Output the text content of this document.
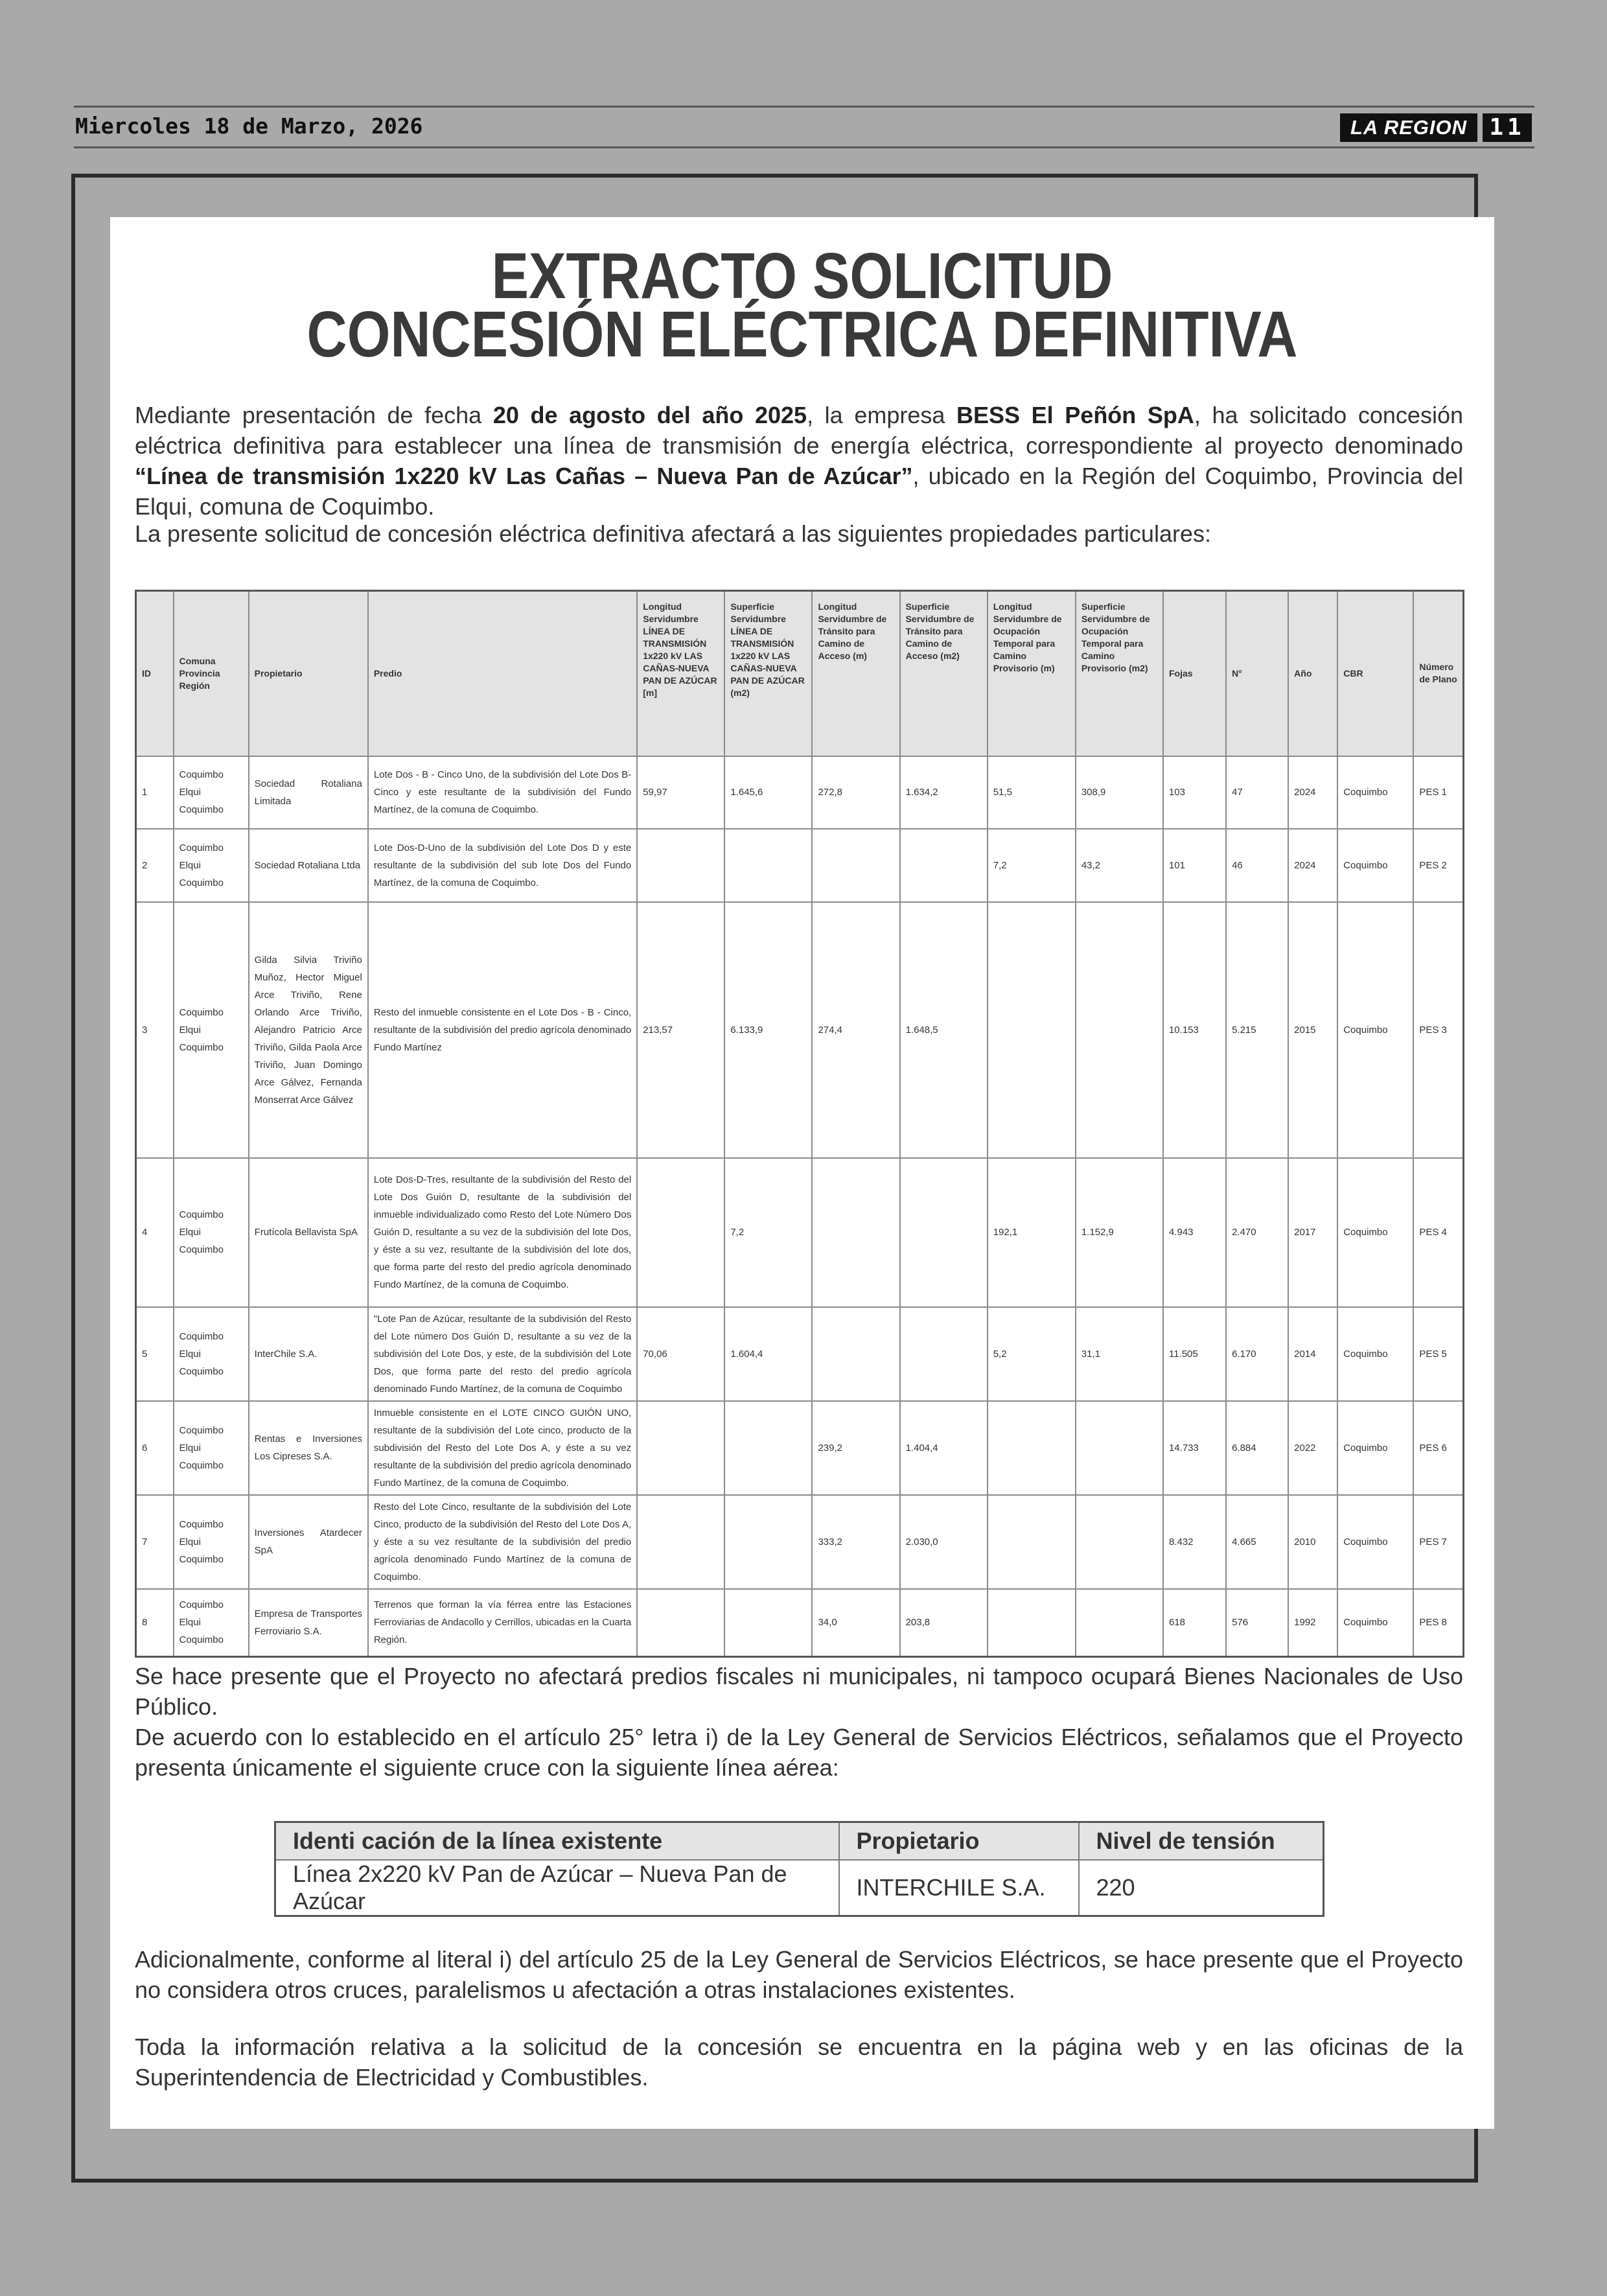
Miercoles 18 de Marzo, 2026	LA REGION 11
EXTRACTO SOLICITUD
CONCESIÓN ELÉCTRICA DEFINITIVA

Mediante presentación de fecha 20 de agosto del año 2025, la empresa BESS El Peñón SpA, ha solicitado concesión eléctrica definitiva para establecer una línea de transmisión de energía eléctrica, correspondiente al proyecto denominado “Línea de transmisión 1x220 kV Las Cañas – Nueva Pan de Azúcar”, ubicado en la Región del Coquimbo, Provincia del Elqui, comuna de Coquimbo.

La presente solicitud de concesión eléctrica definitiva afectará a las siguientes propiedades particulares:

ID	Comuna Provincia Región	Propietario	Predio	Longitud Servidumbre LÍNEA DE TRANSMISIÓN 1x220 kV LAS CAÑAS-NUEVA PAN DE AZÚCAR [m]	Superficie Servidumbre LÍNEA DE TRANSMISIÓN 1x220 kV LAS CAÑAS-NUEVA PAN DE AZÚCAR (m2)	Longitud Servidumbre de Tránsito para Camino de Acceso (m)	Superficie Servidumbre de Tránsito para Camino de Acceso (m2)	Longitud Servidumbre de Ocupación Temporal para Camino Provisorio (m)	Superficie Servidumbre de Ocupación Temporal para Camino Provisorio (m2)	Fojas	N°	Año	CBR	Número de Plano
1	Coquimbo Elqui Coquimbo	Sociedad Rotaliana Limitada	Lote Dos - B - Cinco Uno, de la subdivisión del Lote Dos B-Cinco y este resultante de la subdivisión del Fundo Martínez, de la comuna de Coquimbo.	59,97	1.645,6	272,8	1.634,2	51,5	308,9	103	47	2024	Coquimbo	PES 1
2	Coquimbo Elqui Coquimbo	Sociedad Rotaliana Ltda	Lote Dos-D-Uno de la subdivisión del Lote Dos D y este resultante de la subdivisión del sub lote Dos del Fundo Martínez, de la comuna de Coquimbo.					7,2	43,2	101	46	2024	Coquimbo	PES 2
3	Coquimbo Elqui Coquimbo	Gilda Silvia Triviño Muñoz, Hector Miguel Arce Triviño, Rene Orlando Arce Triviño, Alejandro Patricio Arce Triviño, Gilda Paola Arce Triviño, Juan Domingo Arce Gálvez, Fernanda Monserrat Arce Gálvez	Resto del inmueble consistente en el Lote Dos - B - Cinco, resultante de la subdivisión del predio agrícola denominado Fundo Martínez	213,57	6.133,9	274,4	1.648,5			10.153	5.215	2015	Coquimbo	PES 3
4	Coquimbo Elqui Coquimbo	Frutícola Bellavista SpA	Lote Dos-D-Tres, resultante de la subdivisión del Resto del Lote Dos Guión D, resultante de la subdivisión del inmueble individualizado como Resto del Lote Número Dos Guión D, resultante a su vez de la subdivisión del lote Dos, y éste a su vez, resultante de la subdivisión del lote dos, que forma parte del resto del predio agrícola denominado Fundo Martínez, de la comuna de Coquimbo.		7,2			192,1	1.152,9	4.943	2.470	2017	Coquimbo	PES 4
5	Coquimbo Elqui Coquimbo	InterChile S.A.	"Lote Pan de Azúcar, resultante de la subdivisión del Resto del Lote número Dos Guión D, resultante a su vez de la subdivisión del Lote Dos, y este, de la subdivisión del Lote Dos, que forma parte del resto del predio agrícola denominado Fundo Martínez, de la comuna de Coquimbo	70,06	1.604,4			5,2	31,1	11.505	6.170	2014	Coquimbo	PES 5
6	Coquimbo Elqui Coquimbo	Rentas e Inversiones Los Cipreses S.A.	Inmueble consistente en el LOTE CINCO GUIÓN UNO, resultante de la subdivisión del Lote cinco, producto de la subdivisión del Resto del Lote Dos A, y éste a su vez resultante de la subdivisión del predio agrícola denominado Fundo Martínez, de la comuna de Coquimbo.			239,2	1.404,4			14.733	6.884	2022	Coquimbo	PES 6
7	Coquimbo Elqui Coquimbo	Inversiones Atardecer SpA	Resto del Lote Cinco, resultante de la subdivisión del Lote Cinco, producto de la subdivisión del Resto del Lote Dos A, y éste a su vez resultante de la subdivisión del predio agrícola denominado Fundo Martínez de la comuna de Coquimbo.			333,2	2.030,0			8.432	4.665	2010	Coquimbo	PES 7
8	Coquimbo Elqui Coquimbo	Empresa de Transportes Ferroviario S.A.	Terrenos que forman la vía férrea entre las Estaciones Ferroviarias de Andacollo y Cerrillos, ubicadas en la Cuarta Región.			34,0	203,8			618	576	1992	Coquimbo	PES 8

Se hace presente que el Proyecto no afectará predios fiscales ni municipales, ni tampoco ocupará Bienes Nacionales de Uso Público.

De acuerdo con lo establecido en el artículo 25° letra i) de la Ley General de Servicios Eléctricos, señalamos que el Proyecto presenta únicamente el siguiente cruce con la siguiente línea aérea:

Identi cación de la línea existente	Propietario	Nivel de tensión
Línea 2x220 kV Pan de Azúcar – Nueva Pan de Azúcar	INTERCHILE S.A.	220

Adicionalmente, conforme al literal i) del artículo 25 de la Ley General de Servicios Eléctricos, se hace presente que el Proyecto no considera otros cruces, paralelismos u afectación a otras instalaciones existentes.

Toda la información relativa a la solicitud de la concesión se encuentra en la página web y en las oficinas de la Superintendencia de Electricidad y Combustibles.
